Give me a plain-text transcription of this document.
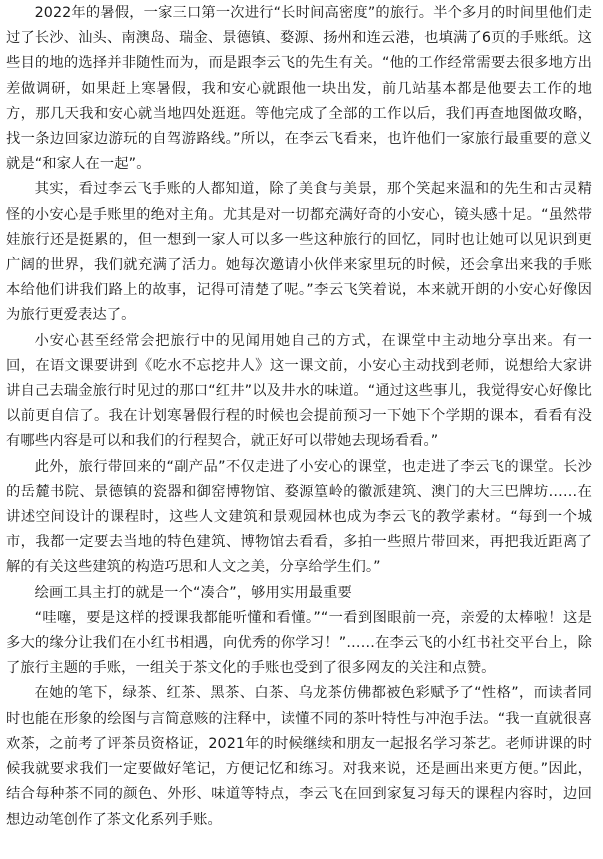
2022年的暑假，一家三口第一次进行“长时间高密度”的旅行。半个多月的时间里他们走过了长沙、汕头、南澳岛、瑞金、景德镇、婺源、扬州和连云港，也填满了6页的手账纸。这些目的地的选择并非随性而为，而是跟李云飞的先生有关。“他的工作经常需要去很多地方出差做调研，如果赶上寒暑假，我和安心就跟他一块出发，前几站基本都是他要去工作的地方，那几天我和安心就当地四处逛逛。等他完成了全部的工作以后，我们再查地图做攻略，找一条边回家边游玩的自驾游路线。”所以，在李云飞看来，也许他们一家旅行最重要的意义就是“和家人在一起”。

其实，看过李云飞手账的人都知道，除了美食与美景，那个笑起来温和的先生和古灵精怪的小安心是手账里的绝对主角。尤其是对一切都充满好奇的小安心，镜头感十足。“虽然带娃旅行还是挺累的，但一想到一家人可以多一些这种旅行的回忆，同时也让她可以见识到更广阔的世界，我们就充满了活力。她每次邀请小伙伴来家里玩的时候，还会拿出来我的手账本给他们讲我们路上的故事，记得可清楚了呢。”李云飞笑着说，本来就开朗的小安心好像因为旅行更爱表达了。

小安心甚至经常会把旅行中的见闻用她自己的方式，在课堂中主动地分享出来。有一回，在语文课要讲到《吃水不忘挖井人》这一课文前，小安心主动找到老师，说想给大家讲讲自己去瑞金旅行时见过的那口“红井”以及井水的味道。“通过这些事儿，我觉得安心好像比以前更自信了。我在计划寒暑假行程的时候也会提前预习一下她下个学期的课本，看看有没有哪些内容是可以和我们的行程契合，就正好可以带她去现场看看。”

此外，旅行带回来的“副产品”不仅走进了小安心的课堂，也走进了李云飞的课堂。长沙的岳麓书院、景德镇的瓷器和御窑博物馆、婺源篁岭的徽派建筑、澳门的大三巴牌坊……在讲述空间设计的课程时，这些人文建筑和景观园林也成为李云飞的教学素材。“每到一个城市，我都一定要去当地的特色建筑、博物馆去看看，多拍一些照片带回来，再把我近距离了解的有关这些建筑的构造巧思和人文之美，分享给学生们。”

绘画工具主打的就是一个“凑合”，够用实用最重要

“哇噻，要是这样的授课我都能听懂和看懂。”“一看到图眼前一亮，亲爱的太棒啦！这是多大的缘分让我们在小红书相遇，向优秀的你学习！”……在李云飞的小红书社交平台上，除了旅行主题的手账，一组关于茶文化的手账也受到了很多网友的关注和点赞。

在她的笔下，绿茶、红茶、黑茶、白茶、乌龙茶仿佛都被色彩赋予了“性格”，而读者同时也能在形象的绘图与言简意赅的注释中，读懂不同的茶叶特性与冲泡手法。“我一直就很喜欢茶，之前考了评茶员资格证，2021年的时候继续和朋友一起报名学习茶艺。老师讲课的时候我就要求我们一定要做好笔记，方便记忆和练习。对我来说，还是画出来更方便。”因此，结合每种茶不同的颜色、外形、味道等特点，李云飞在回到家复习每天的课程内容时，边回想边动笔创作了茶文化系列手账。
